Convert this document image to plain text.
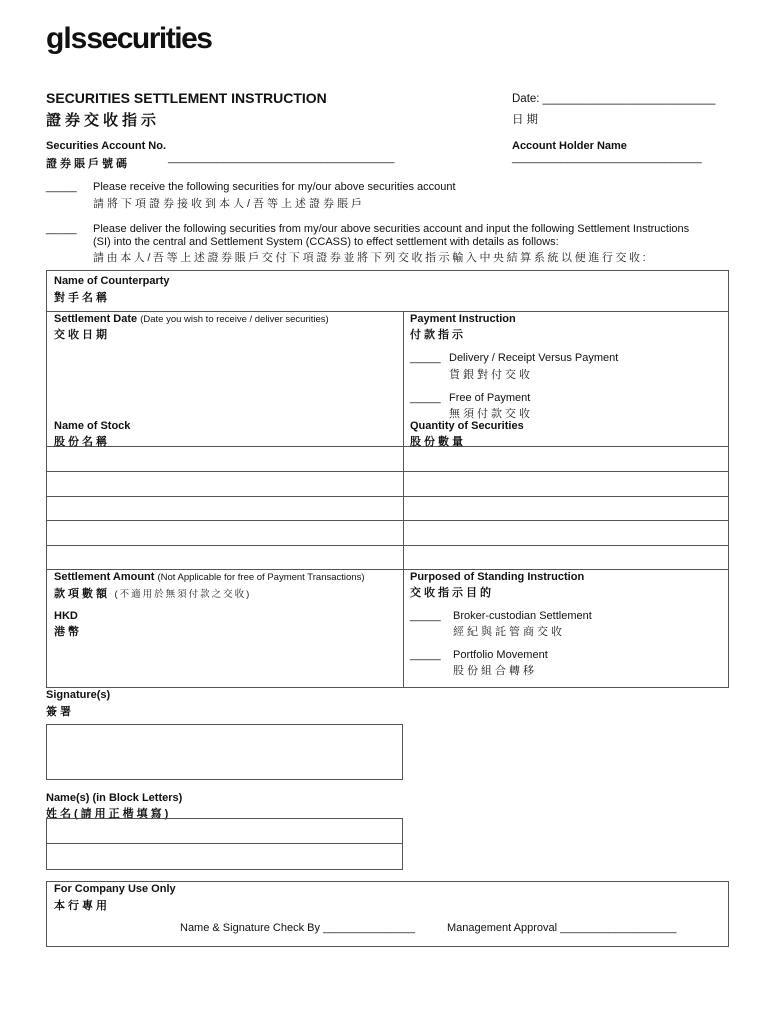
glssecurities
SECURITIES SETTLEMENT INSTRUCTION
證券交收指示
Date: ___________________________
日期
Securities Account No.
證券賬戶號碼	_____________________________________
Account Holder Name
_______________________________
_____ Please receive the following securities for my/our above securities account
請將下項證券接收到本人/吾等上述證券賬戶
_____ Please deliver the following securities from my/our above securities account and input the following Settlement Instructions
(SI) into the central and Settlement System (CCASS) to effect settlement with details as follows:
請由本人/吾等上述證券賬戶交付下項證券並將下列交收指示輸入中央結算系統以便進行交收:
Name of Counterparty
對手名稱
Settlement Date (Date you wish to receive / deliver securities)
交收日期
Payment Instruction
付款指示
_____ Delivery / Receipt Versus Payment
貨銀對付交收
_____ Free of Payment
無須付款交收
Name of Stock
股份名稱
Quantity of Securities
股份數量
Settlement Amount (Not Applicable for free of Payment Transactions)
款項數額 (不適用於無須付款之交收)
HKD
港幣
Purposed of Standing Instruction
交收指示目的
_____ Broker-custodian Settlement
經紀與託管商交收
_____ Portfolio Movement
股份組合轉移
Signature(s)
簽署
Name(s) (in Block Letters)
姓名(請用正楷填寫)
For Company Use Only
本行專用
Name & Signature Check By _______________	Management Approval ___________________
